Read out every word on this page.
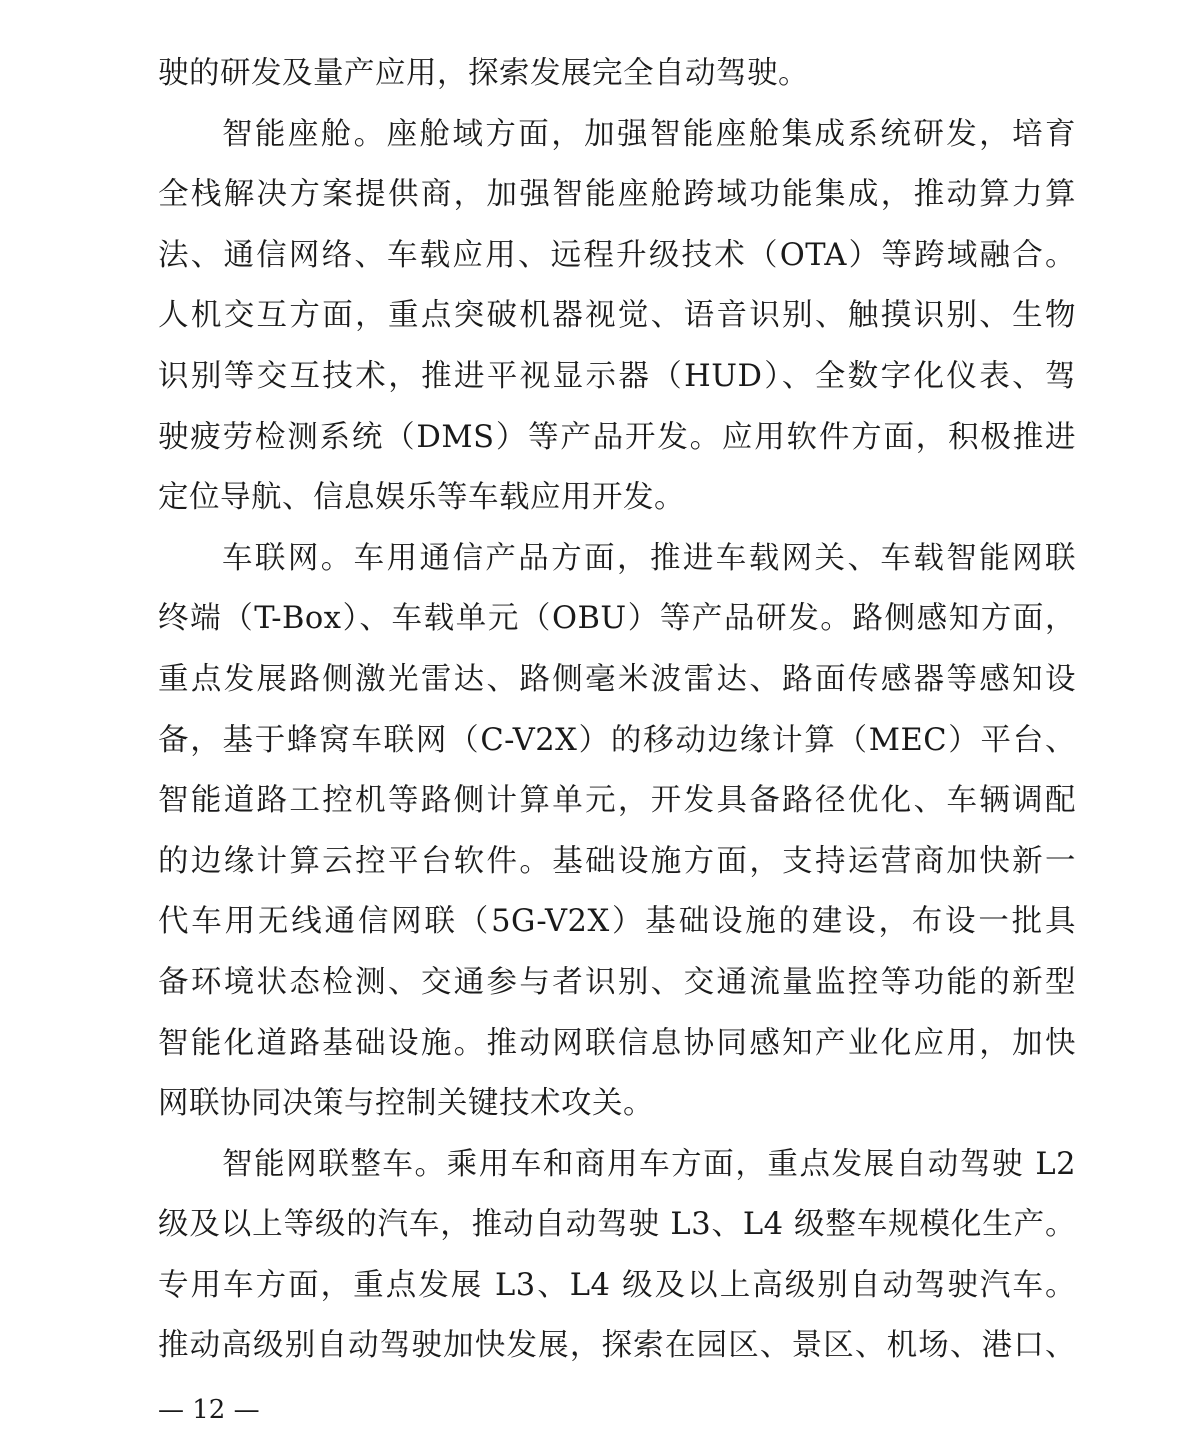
驶的研发及量产应用，探索发展完全自动驾驶。
智能座舱。座舱域方面，加强智能座舱集成系统研发，培育
全栈解决方案提供商，加强智能座舱跨域功能集成，推动算力算
法、通信网络、车载应用、远程升级技术（OTA）等跨域融合。
人机交互方面，重点突破机器视觉、语音识别、触摸识别、生物
识别等交互技术，推进平视显示器（HUD）、全数字化仪表、驾
驶疲劳检测系统（DMS）等产品开发。应用软件方面，积极推进
定位导航、信息娱乐等车载应用开发。
车联网。车用通信产品方面，推进车载网关、车载智能网联
终端（T-Box）、车载单元（OBU）等产品研发。路侧感知方面，
重点发展路侧激光雷达、路侧毫米波雷达、路面传感器等感知设
备，基于蜂窝车联网（C-V2X）的移动边缘计算（MEC）平台、
智能道路工控机等路侧计算单元，开发具备路径优化、车辆调配
的边缘计算云控平台软件。基础设施方面，支持运营商加快新一
代车用无线通信网联（5G-V2X）基础设施的建设，布设一批具
备环境状态检测、交通参与者识别、交通流量监控等功能的新型
智能化道路基础设施。推动网联信息协同感知产业化应用，加快
网联协同决策与控制关键技术攻关。
智能网联整车。乘用车和商用车方面，重点发展自动驾驶 L2
级及以上等级的汽车，推动自动驾驶 L3、L4 级整车规模化生产。
专用车方面，重点发展 L3、L4 级及以上高级别自动驾驶汽车。
推动高级别自动驾驶加快发展，探索在园区、景区、机场、港口、
— 12 —
